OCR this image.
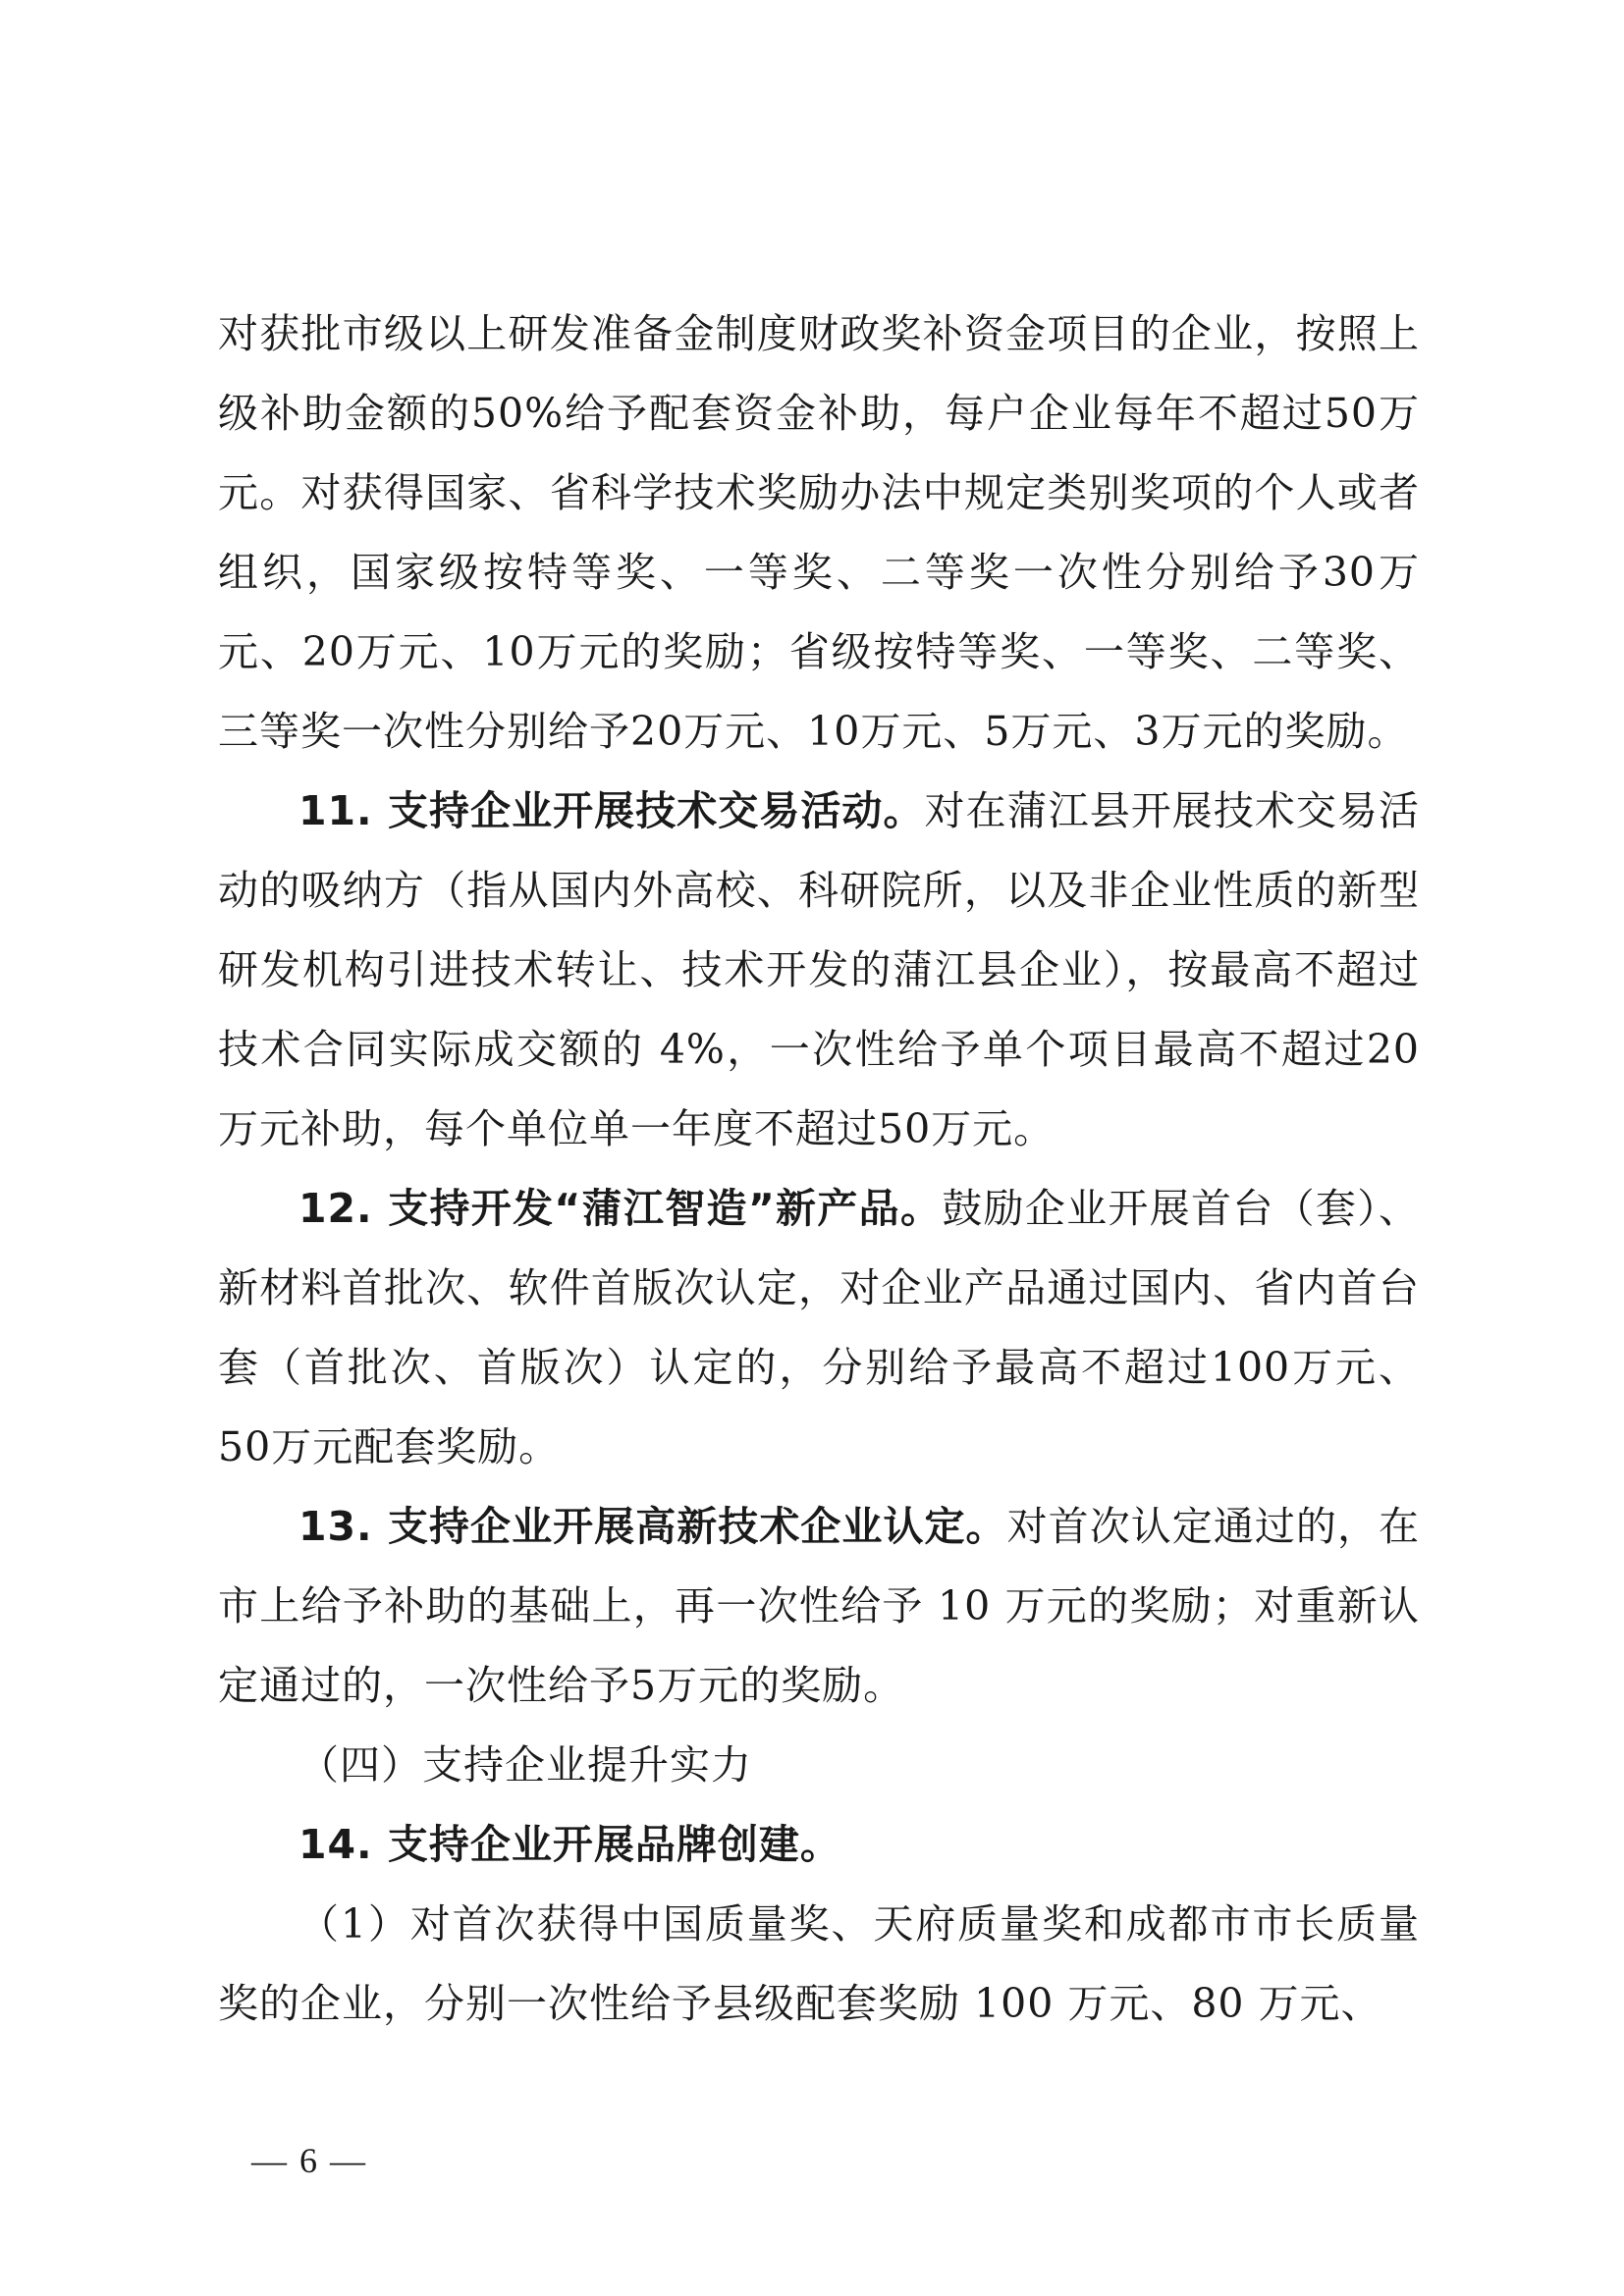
对获批市级以上研发准备金制度财政奖补资金项目的企业，按照上级补助金额的50%给予配套资金补助，每户企业每年不超过50万元。对获得国家、省科学技术奖励办法中规定类别奖项的个人或者组织，国家级按特等奖、一等奖、二等奖一次性分别给予30万元、20万元、10万元的奖励；省级按特等奖、一等奖、二等奖、三等奖一次性分别给予20万元、10万元、5万元、3万元的奖励。

11. 支持企业开展技术交易活动。对在蒲江县开展技术交易活动的吸纳方（指从国内外高校、科研院所，以及非企业性质的新型研发机构引进技术转让、技术开发的蒲江县企业），按最高不超过技术合同实际成交额的 4%，一次性给予单个项目最高不超过20万元补助，每个单位单一年度不超过50万元。

12. 支持开发“蒲江智造”新产品。鼓励企业开展首台（套）、新材料首批次、软件首版次认定，对企业产品通过国内、省内首台套（首批次、首版次）认定的，分别给予最高不超过100万元、50万元配套奖励。

13. 支持企业开展高新技术企业认定。对首次认定通过的，在市上给予补助的基础上，再一次性给予 10 万元的奖励；对重新认定通过的，一次性给予5万元的奖励。

（四）支持企业提升实力

14. 支持企业开展品牌创建。

（1）对首次获得中国质量奖、天府质量奖和成都市市长质量奖的企业，分别一次性给予县级配套奖励 100 万元、80 万元、

— 6 —
